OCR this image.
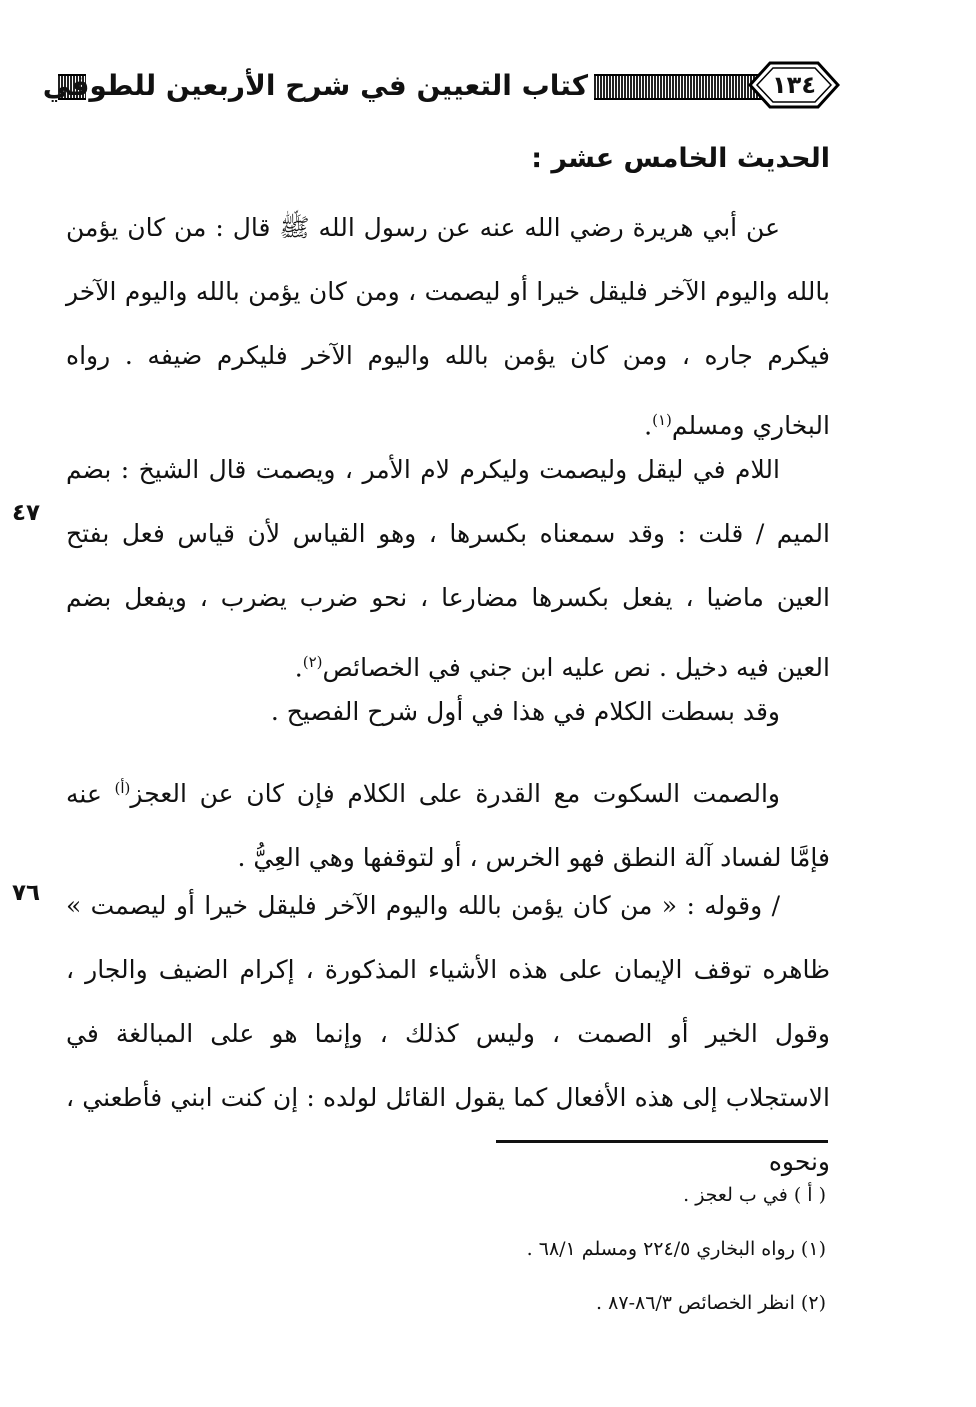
كتاب التعيين في شرح الأربعين للطوفي	١٣٤
الحديث الخامس عشر :
عن أبي هريرة رضي الله عنه عن رسول الله ﷺ قال : من كان يؤمن بالله واليوم الآخر فليقل خيرا أو ليصمت ، ومن كان يؤمن بالله واليوم الآخر فيكرم جاره ، ومن كان يؤمن بالله واليوم الآخر فليكرم ضيفه . رواه البخاري ومسلم$^{(١)}$.
اللام في ليقل وليصمت وليكرم لام الأمر ، ويصمت قال الشيخ : بضم الميم / قلت : وقد سمعناه بكسرها ، وهو القياس لأن قياس فعل بفتح العين ماضيا ، يفعل بكسرها مضارعا ، نحو ضرب يضرب ، ويفعل بضم العين فيه دخيل . نص عليه ابن جني في الخصائص$^{(٢)}$.
٤٧
وقد بسطت الكلام في هذا في أول شرح الفصيح .
والصمت السكوت مع القدرة على الكلام فإن كان عن العجز$^{(أ)}$ عنه فإمَّا لفساد آلة النطق فهو الخرس ، أو لتوقفها وهي العِيُّ .
/ وقوله : « من كان يؤمن بالله واليوم الآخر فليقل خيرا أو ليصمت » ظاهره توقف الإيمان على هذه الأشياء المذكورة ، إكرام الضيف والجار ، وقول الخير أو الصمت ، وليس كذلك ، وإنما هو على المبالغة في الاستجلاب إلى هذه الأفعال كما يقول القائل لولده : إن كنت ابني فأطعني ، ونحوه
٧٦
( أ ) في ب لعجز .
(١) رواه البخاري ٢٢٤/٥ ومسلم ٦٨/١ .
(٢) انظر الخصائص ٨٦/٣-٨٧ .
